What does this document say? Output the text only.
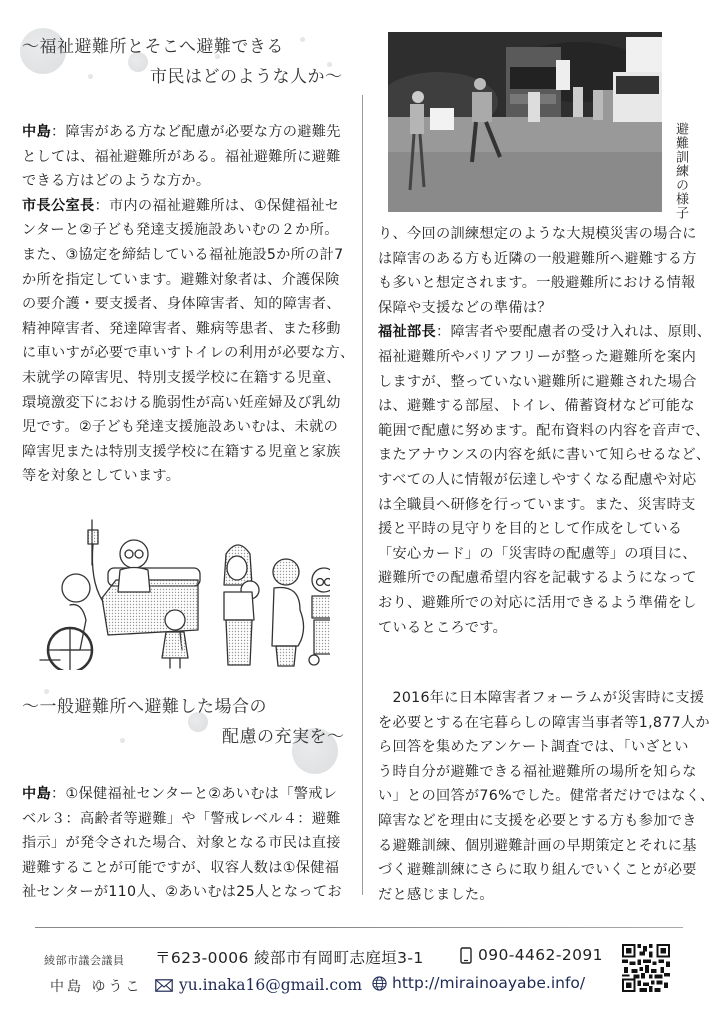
～福祉避難所とそこへ避難できる
市民はどのような人か～
中島：障害がある方など配慮が必要な方の避難先
としては、福祉避難所がある。福祉避難所に避難
できる方はどのような方か。
市長公室長：市内の福祉避難所は、①保健福祉セ
ンターと②子ども発達支援施設あいむの２か所。
また、③協定を締結している福祉施設5か所の計7
か所を指定しています。避難対象者は、介護保険
の要介護・要支援者、身体障害者、知的障害者、
精神障害者、発達障害者、難病等患者、また移動
に車いすが必要で車いすトイレの利用が必要な方、
未就学の障害児、特別支援学校に在籍する児童、
環境激変下における脆弱性が高い妊産婦及び乳幼
児です。②子ども発達支援施設あいむは、未就の
障害児または特別支援学校に在籍する児童と家族
等を対象としています。
～一般避難所へ避難した場合の
配慮の充実を～
中島：①保健福祉センターと②あいむは「警戒レ
ベル３：高齢者等避難」や「警戒レベル４：避難
指示」が発令された場合、対象となる市民は直接
避難することが可能ですが、収容人数は①保健福
祉センターが110人、②あいむは25人となってお
避難訓練の様子
り、今回の訓練想定のような大規模災害の場合に
は障害のある方も近隣の一般避難所へ避難する方
も多いと想定されます。一般避難所における情報
保障や支援などの準備は？
福祉部長：障害者や要配慮者の受け入れは、原則、
福祉避難所やバリアフリーが整った避難所を案内
しますが、整っていない避難所に避難された場合
は、避難する部屋、トイレ、備蓄資材など可能な
範囲で配慮に努めます。配布資料の内容を音声で、
またアナウンスの内容を紙に書いて知らせるなど、
すべての人に情報が伝達しやすくなる配慮や対応
は全職員へ研修を行っています。また、災害時支
援と平時の見守りを目的として作成をしている
「安心カード」の「災害時の配慮等」の項目に、
避難所での配慮希望内容を記載するようになって
おり、避難所での対応に活用できるよう準備をし
ているところです。
　2016年に日本障害者フォーラムが災害時に支援
を必要とする在宅暮らしの障害当事者等1,877人か
ら回答を集めたアンケート調査では、「いざとい
う時自分が避難できる福祉避難所の場所を知らな
い」との回答が76%でした。健常者だけではなく、
障害などを理由に支援を必要とする方も参加でき
る避難訓練、個別避難計画の早期策定とそれに基
づく避難訓練にさらに取り組んでいくことが必要
だと感じました。
綾部市議会議員
中島 ゆうこ
〒623-0006 綾部市有岡町志庭垣3-1	090-4462-2091
yu.inaka16@gmail.com http://mirainoayabe.info/
